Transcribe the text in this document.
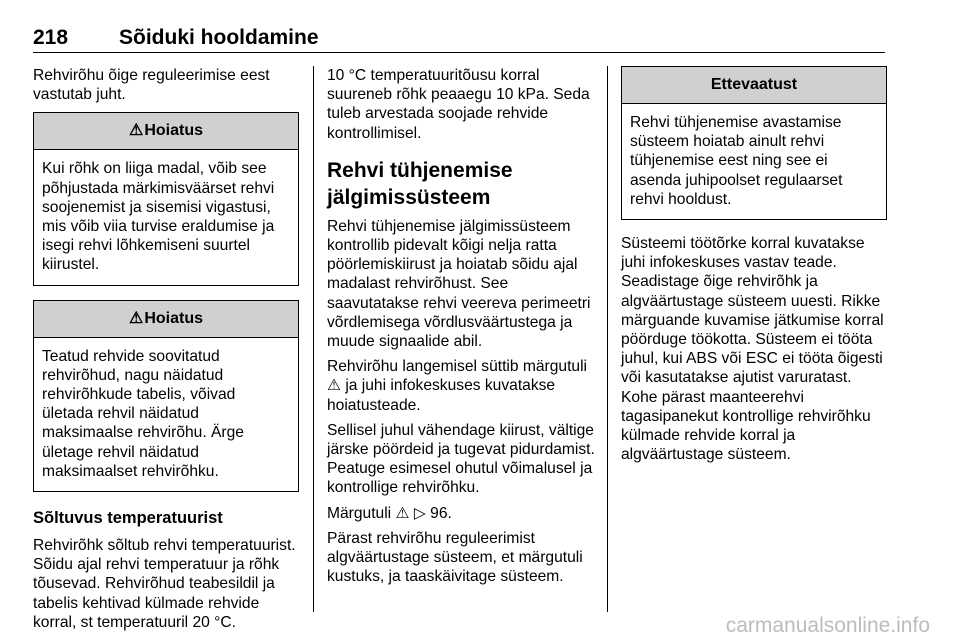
218 Sõiduki hooldamine

Rehvirõhu õige reguleerimise eest vastutab juht.

⚠Hoiatus
Kui rõhk on liiga madal, võib see põhjustada märkimisväärset rehvi soojenemist ja sisemisi vigastusi, mis võib viia turvise eraldumise ja isegi rehvi lõhkemiseni suurtel kiirustel.
⚠Hoiatus
Teatud rehvide soovitatud rehvirõhud, nagu näidatud rehvirõhkude tabelis, võivad ületada rehvil näidatud maksimaalse rehvirõhu. Ärge ületage rehvil näidatud maksimaalset rehvirõhku.
Sõltuvus temperatuurist

Rehvirõhk sõltub rehvi temperatuurist. Sõidu ajal rehvi temperatuur ja rõhk tõusevad. Rehvirõhud teabesildil ja tabelis kehtivad külmade rehvide korral, st temperatuuril 20 °C.

10 °C temperatuuritõusu korral suureneb rõhk peaaegu 10 kPa. Seda tuleb arvestada soojade rehvide kontrollimisel.

Rehvi tühjenemise jälgimissüsteem

Rehvi tühjenemise jälgimissüsteem kontrollib pidevalt kõigi nelja ratta pöörlemiskiirust ja hoiatab sõidu ajal madalast rehvirõhust. See saavutatakse rehvi veereva perimeetri võrdlemisega võrdlusväärtustega ja muude signaalide abil.

Rehvirõhu langemisel süttib märgutuli ⚠ ja juhi infokeskuses kuvatakse hoiatusteade.

Sellisel juhul vähendage kiirust, vältige järske pöördeid ja tugevat pidurdamist. Peatuge esimesel ohutul võimalusel ja kontrollige rehvirõhku.

Märgutuli ⚠ ▷ 96.

Pärast rehvirõhu reguleerimist algväärtustage süsteem, et märgutuli kustuks, ja taaskäivitage süsteem.

Ettevaatust
Rehvi tühjenemise avastamise süsteem hoiatab ainult rehvi tühjenemise eest ning see ei asenda juhipoolset regulaarset rehvi hooldust.

Süsteemi töötõrke korral kuvatakse juhi infokeskuses vastav teade. Seadistage õige rehvirõhk ja algväärtustage süsteem uuesti. Rikke märguande kuvamise jätkumise korral pöörduge töökotta. Süsteem ei tööta juhul, kui ABS või ESC ei tööta õigesti või kasutatakse ajutist varuratast. Kohe pärast maanteerehvi tagasipanekut kontrollige rehvirõhku külmade rehvide korral ja algväärtustage süsteem.

carmanualsonline.info
